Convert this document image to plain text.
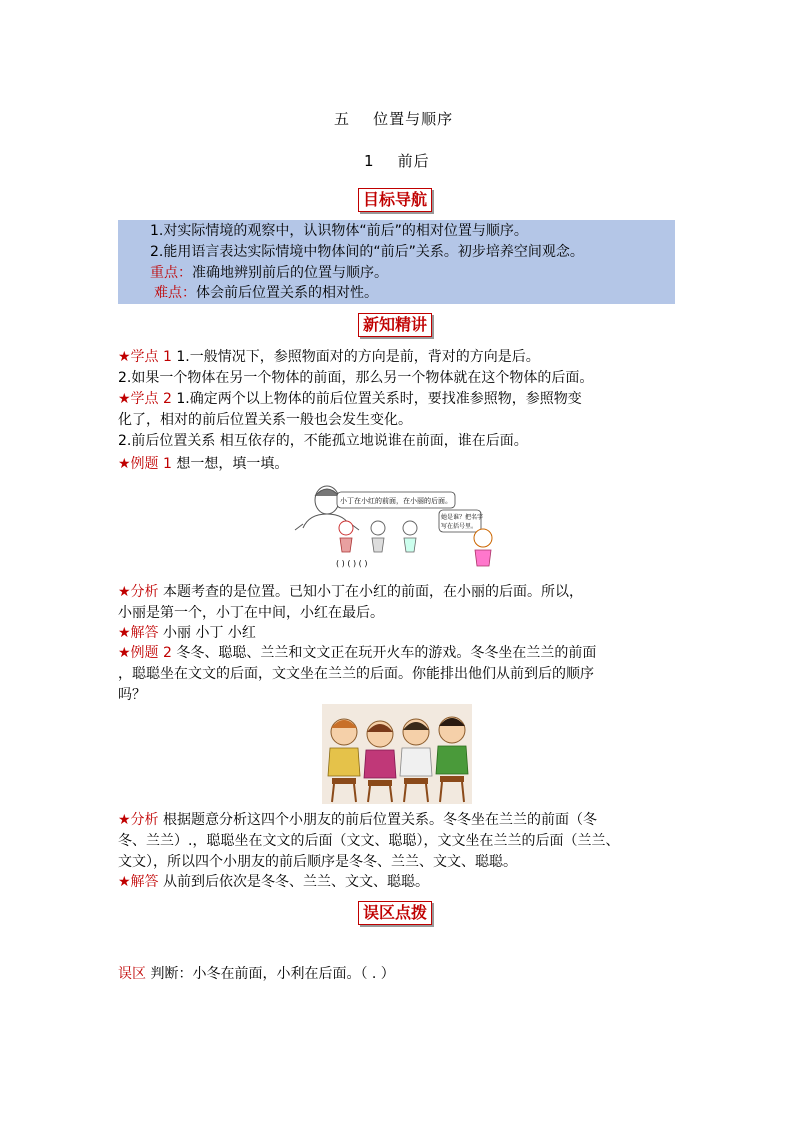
五    位置与顺序
1    前后
目标导航
1.对实际情境的观察中，认识物体“前后”的相对位置与顺序。
2.能用语言表达实际情境中物体间的“前后”关系。初步培养空间观念。
重点：准确地辨别前后的位置与顺序。
难点：体会前后位置关系的相对性。
新知精讲
★学点 1 1.一般情况下，参照物面对的方向是前，背对的方向是后。
2.如果一个物体在另一个物体的前面，那么另一个物体就在这个物体的后面。
★学点 2 1.确定两个以上物体的前后位置关系时，要找准参照物，参照物变
化了，相对的前后位置关系一般也会发生变化。
2.前后位置关系 相互依存的，不能孤立地说谁在前面，谁在后面。
★例题 1 想一想，填一填。
小丁在小红的前面，在小丽的后面。
( ) ( ) ( )
她是谁？把名字
写在括号里。
★分析 本题考查的是位置。已知小丁在小红的前面，在小丽的后面。所以，
小丽是第一个，小丁在中间，小红在最后。
★解答 小丽 小丁 小红
★例题 2 冬冬、聪聪、兰兰和文文正在玩开火车的游戏。冬冬坐在兰兰的前面
，聪聪坐在文文的后面，文文坐在兰兰的后面。你能排出他们从前到后的顺序
吗？
★分析 根据题意分析这四个小朋友的前后位置关系。冬冬坐在兰兰的前面（冬
冬、兰兰）.，聪聪坐在文文的后面（文文、聪聪），文文坐在兰兰的后面（兰兰、
文文），所以四个小朋友的前后顺序是冬冬、兰兰、文文、聪聪。
★解答 从前到后依次是冬冬、兰兰、文文、聪聪。
误区点拨
误区 判断：小冬在前面，小利在后面。（ . ）
